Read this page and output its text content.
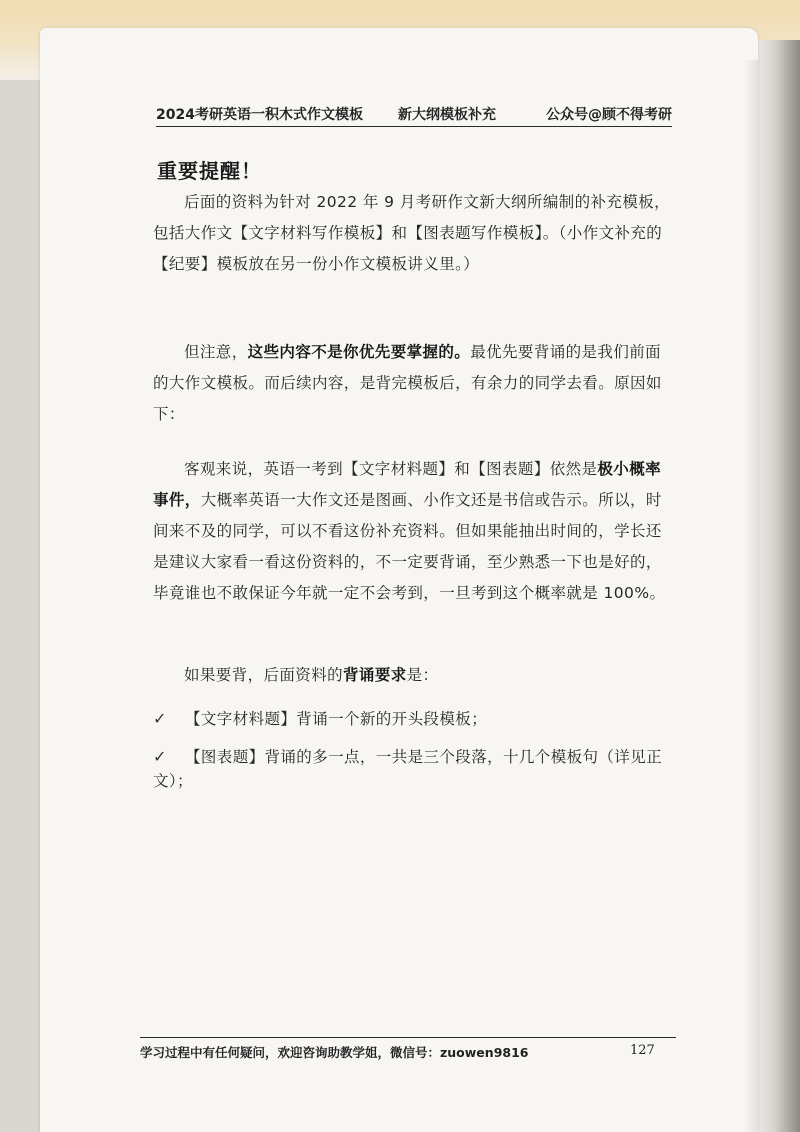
2024考研英语一积木式作文模板	新大纲模板补充	公众号@顾不得考研
重要提醒！
后面的资料为针对 2022 年 9 月考研作文新大纲所编制的补充模板，包括大作文【文字材料写作模板】和【图表题写作模板】。（小作文补充的【纪要】模板放在另一份小作文模板讲义里。）
但注意，这些内容不是你优先要掌握的。最优先要背诵的是我们前面的大作文模板。而后续内容，是背完模板后，有余力的同学去看。原因如下：
客观来说，英语一考到【文字材料题】和【图表题】依然是极小概率事件，大概率英语一大作文还是图画、小作文还是书信或告示。所以，时间来不及的同学，可以不看这份补充资料。但如果能抽出时间的，学长还是建议大家看一看这份资料的，不一定要背诵，至少熟悉一下也是好的，毕竟谁也不敢保证今年就一定不会考到，一旦考到这个概率就是 100%。
如果要背，后面资料的背诵要求是：
✓ 【文字材料题】背诵一个新的开头段模板；
✓ 【图表题】背诵的多一点，一共是三个段落，十几个模板句（详见正文）；
学习过程中有任何疑问，欢迎咨询助教学姐，微信号：zuowen9816	127
